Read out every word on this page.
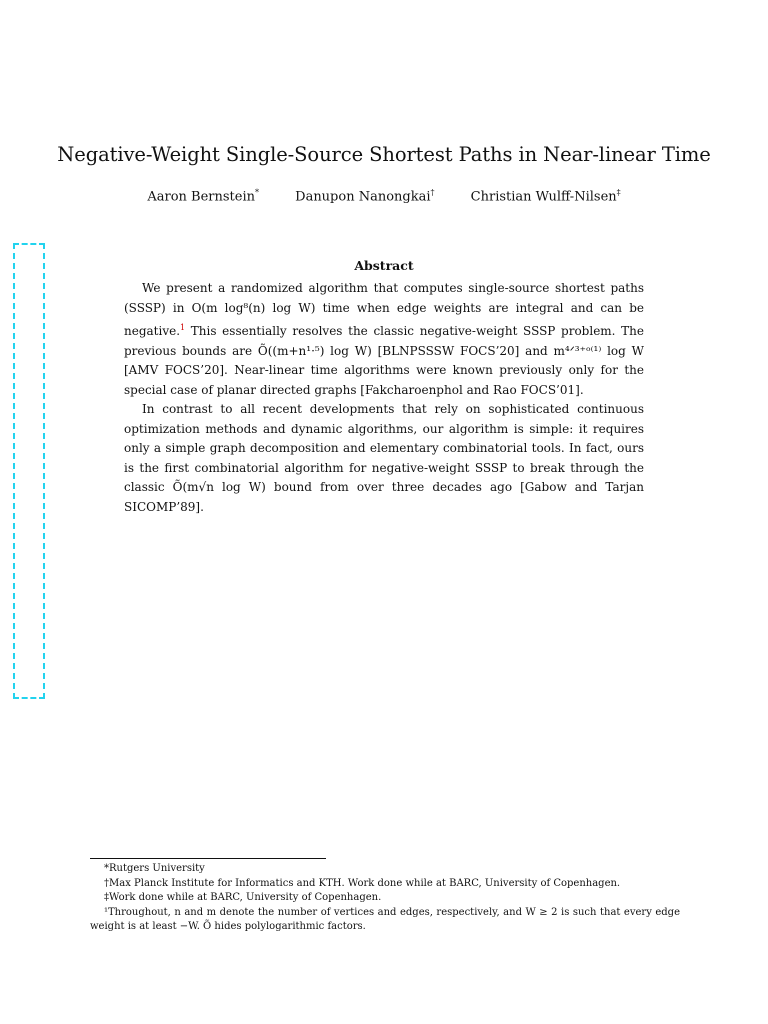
Negative-Weight Single-Source Shortest Paths in Near-linear Time
Aaron Bernstein*	Danupon Nanongkai†	Christian Wulff-Nilsen‡
Abstract

We present a randomized algorithm that computes single-source shortest paths (SSSP) in O(m log⁸(n) log W) time when edge weights are integral and can be negative.$^1$ This essentially resolves the classic negative-weight SSSP problem. The previous bounds are Õ((m+n¹·⁵) log W) [BLNPSSSW FOCS’20] and m⁴ᐟ³⁺ᵒ⁽¹⁾ log W [AMV FOCS’20]. Near-linear time algorithms were known previously only for the special case of planar directed graphs [Fakcharoenphol and Rao FOCS’01].

In contrast to all recent developments that rely on sophisticated continuous optimization methods and dynamic algorithms, our algorithm is simple: it requires only a simple graph decomposition and elementary combinatorial tools. In fact, ours is the first combinatorial algorithm for negative-weight SSSP to break through the classic Õ(m√n log W) bound from over three decades ago [Gabow and Tarjan SICOMP’89].

*Rutgers University
†Max Planck Institute for Informatics and KTH. Work done while at BARC, University of Copenhagen.
‡Work done while at BARC, University of Copenhagen.
¹Throughout, n and m denote the number of vertices and edges, respectively, and W ≥ 2 is such that every edge weight is at least −W. Õ hides polylogarithmic factors.
